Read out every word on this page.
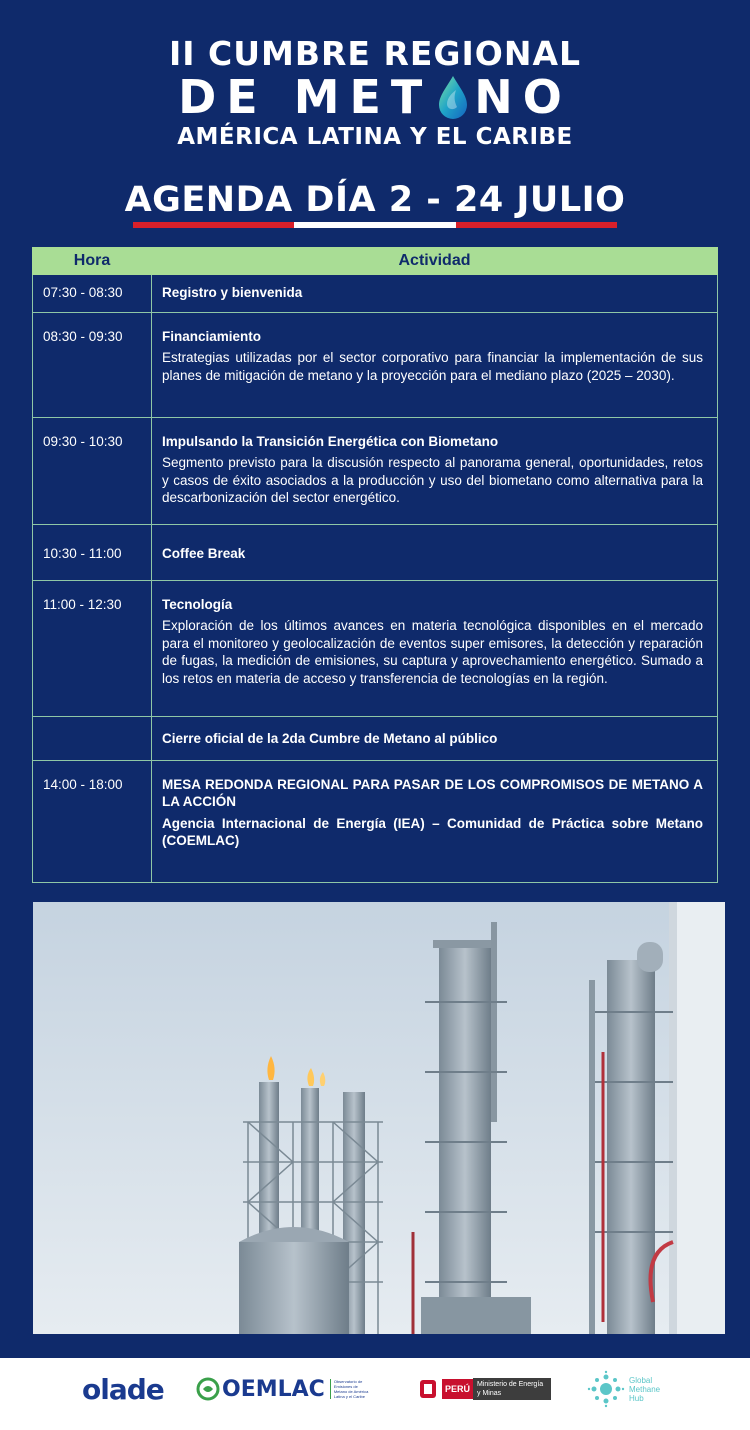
II CUMBRE REGIONAL
DE MET NO
AMÉRICA LATINA Y EL CARIBE
AGENDA DÍA 2 - 24 JULIO
Hora	Actividad
07:30 - 08:30	Registro y bienvenida

08:30 - 09:30	Financiamiento
Estrategias utilizadas por el sector corporativo para financiar la implementación de sus planes de mitigación de metano y la proyección para el mediano plazo (2025 – 2030).

09:30 - 10:30	Impulsando la Transición Energética con Biometano
Segmento previsto para la discusión respecto al panorama general, oportunidades, retos y casos de éxito asociados a la producción y uso del biometano como alternativa para la descarbonización del sector energético.

10:30 - 11:00	Coffee Break

11:00 - 12:30	Tecnología
Exploración de los últimos avances en materia tecnológica disponibles en el mercado para el monitoreo y geolocalización de eventos super emisores, la detección y reparación de fugas, la medición de emisiones, su captura y aprovechamiento energético. Sumado a los retos en materia de acceso y transferencia de tecnologías en la región.

	Cierre oficial de la 2da Cumbre de Metano al público

14:00 - 18:00	MESA REDONDA REGIONAL PARA PASAR DE LOS COMPROMISOS DE METANO A LA ACCIÓN
Agencia Internacional de Energía (IEA) – Comunidad de Práctica sobre Metano (COEMLAC)
olade	OEMLAC	Observatorio de Emisiones de Metano de América Latina y el Caribe
PERÚ	Ministerio de Energía y Minas
Global
Methane
Hub
